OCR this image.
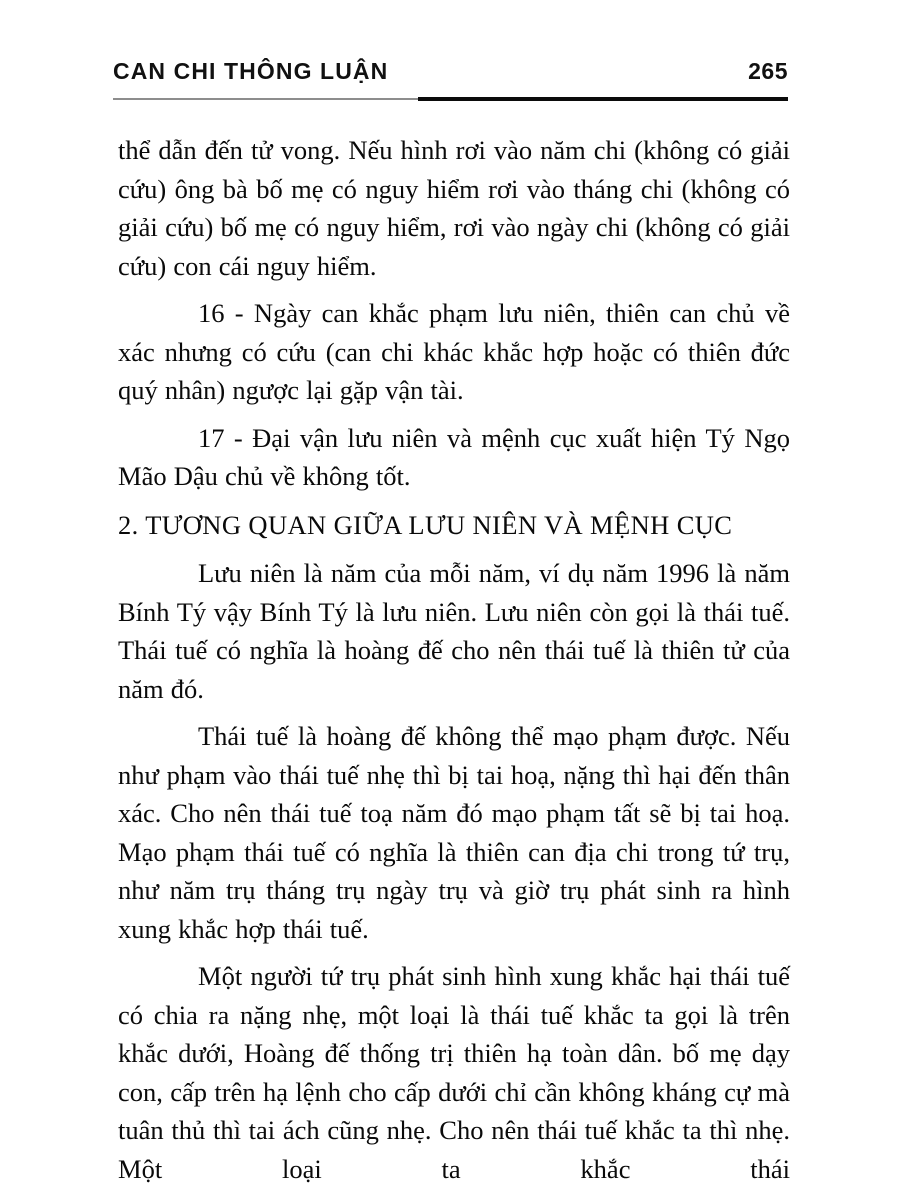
CAN CHI THÔNG LUẬN	265

thể dẫn đến tử vong. Nếu hình rơi vào năm chi (không có giải cứu) ông bà bố mẹ có nguy hiểm rơi vào tháng chi (không có giải cứu) bố mẹ có nguy hiểm, rơi vào ngày chi (không có giải cứu) con cái nguy hiểm.

16 - Ngày can khắc phạm lưu niên, thiên can chủ về xác nhưng có cứu (can chi khác khắc hợp hoặc có thiên đức quý nhân) ngược lại gặp vận tài.

17 - Đại vận lưu niên và mệnh cục xuất hiện Tý Ngọ Mão Dậu chủ về không tốt.

2. TƯƠNG QUAN GIỮA LƯU NIÊN VÀ MỆNH CỤC

Lưu niên là năm của mỗi năm, ví dụ năm 1996 là năm Bính Tý vậy Bính Tý là lưu niên. Lưu niên còn gọi là thái tuế. Thái tuế có nghĩa là hoàng đế cho nên thái tuế là thiên tử của năm đó.

Thái tuế là hoàng đế không thể mạo phạm được. Nếu như phạm vào thái tuế nhẹ thì bị tai hoạ, nặng thì hại đến thân xác. Cho nên thái tuế toạ năm đó mạo phạm tất sẽ bị tai hoạ. Mạo phạm thái tuế có nghĩa là thiên can địa chi trong tứ trụ, như năm trụ tháng trụ ngày trụ và giờ trụ phát sinh ra hình xung khắc hợp thái tuế.

Một người tứ trụ phát sinh hình xung khắc hại thái tuế có chia ra nặng nhẹ, một loại là thái tuế khắc ta gọi là trên khắc dưới, Hoàng đế thống trị thiên hạ toàn dân. bố mẹ dạy con, cấp trên hạ lệnh cho cấp dưới chỉ cần không kháng cự mà tuân thủ thì tai ách cũng nhẹ. Cho nên thái tuế khắc ta thì nhẹ. Một loại ta khắc thái
